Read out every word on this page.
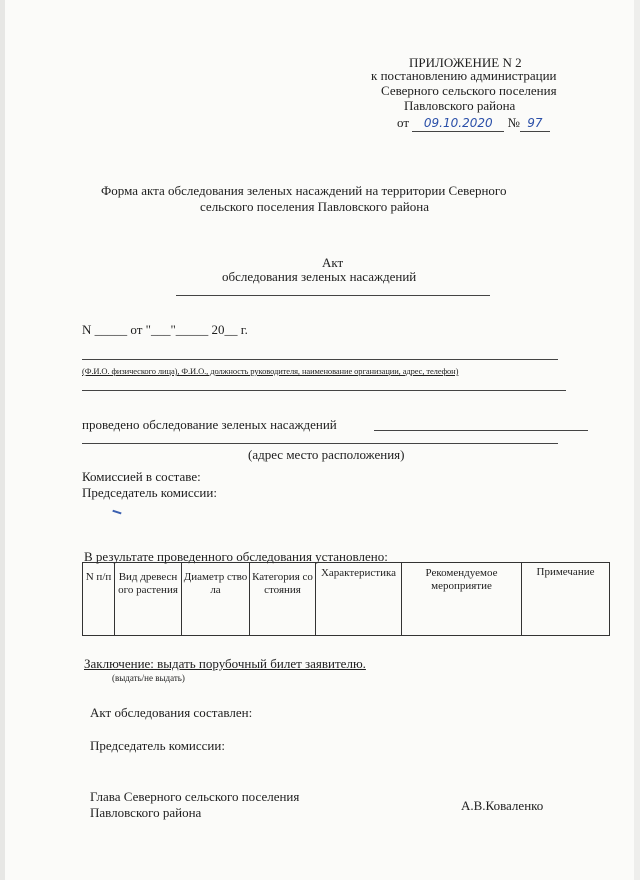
ПРИЛОЖЕНИЕ N 2
к постановлению администрации
Северного сельского поселения
Павловского района
от 09.10.2020 № 97
Форма акта обследования зеленых насаждений на территории Северного
сельского поселения Павловского района
Акт
обследования зеленых насаждений
N _____ от "___"_____ 20__ г.
(Ф.И.О. физического лица), Ф.И.О., должность руководителя, наименование организации, адрес, телефон)
проведено обследование зеленых насаждений
(адрес место расположения)
Комиссией в составе:
Председатель комиссии:
В результате проведенного обследования установлено:
N п/п	Вид древесного растения	Диаметр ствола	Категория состояния	Характеристика	Рекомендуемое мероприятие	Примечание
Заключение: выдать порубочный билет заявителю.
(выдать/не выдать)
Акт обследования составлен:
Председатель комиссии:
Глава Северного сельского поселения
Павловского района	А.В.Коваленко
